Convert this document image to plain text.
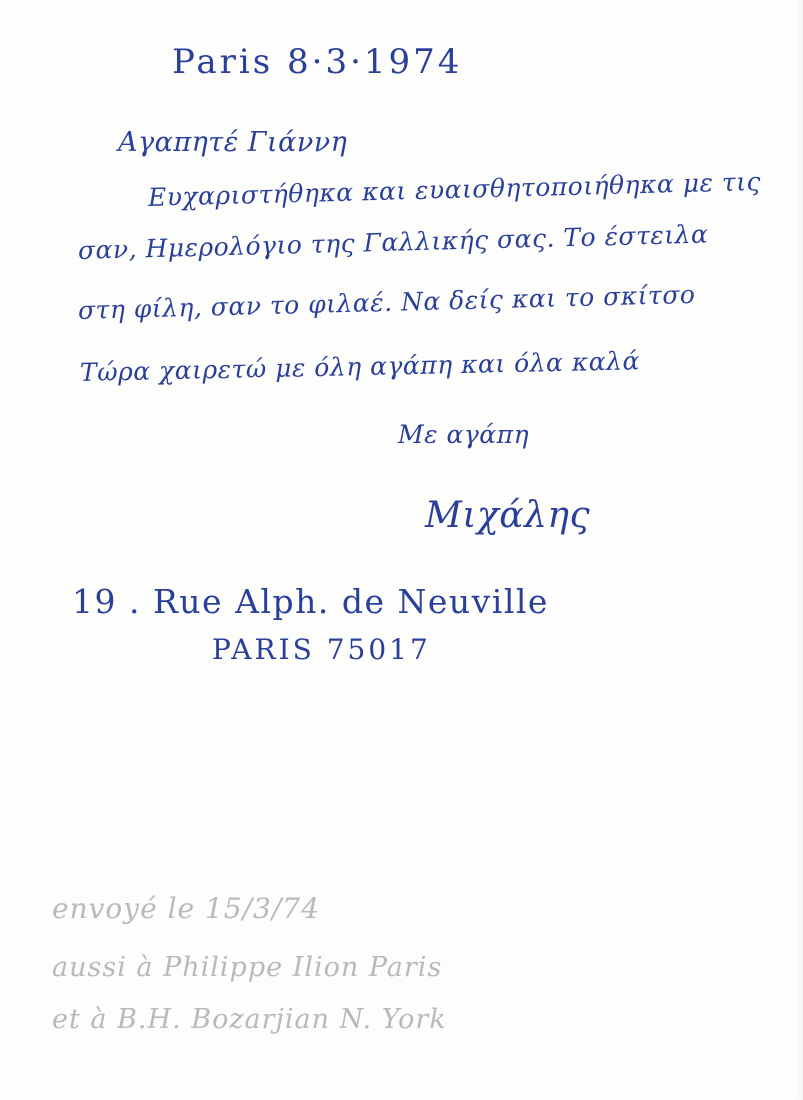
Paris 8·3·1974
Αγαπητέ Γιάννη
Ευχαριστήθηκα και ευαισθητοποιήθηκα με τις
σαν, Ημερολόγιο της Γαλλικής σας. Το έστειλα
στη φίλη, σαν το φιλαέ. Να δείς και το σκίτσο
Τώρα χαιρετώ με όλη αγάπη και όλα καλά
Με αγάπη
Μιχάλης
19 . Rue Alph. de Neuville
PARIS 75017
envoyé le 15/3/74
aussi à Philippe Ilion Paris
et à B.H. Bozarjian N. York
